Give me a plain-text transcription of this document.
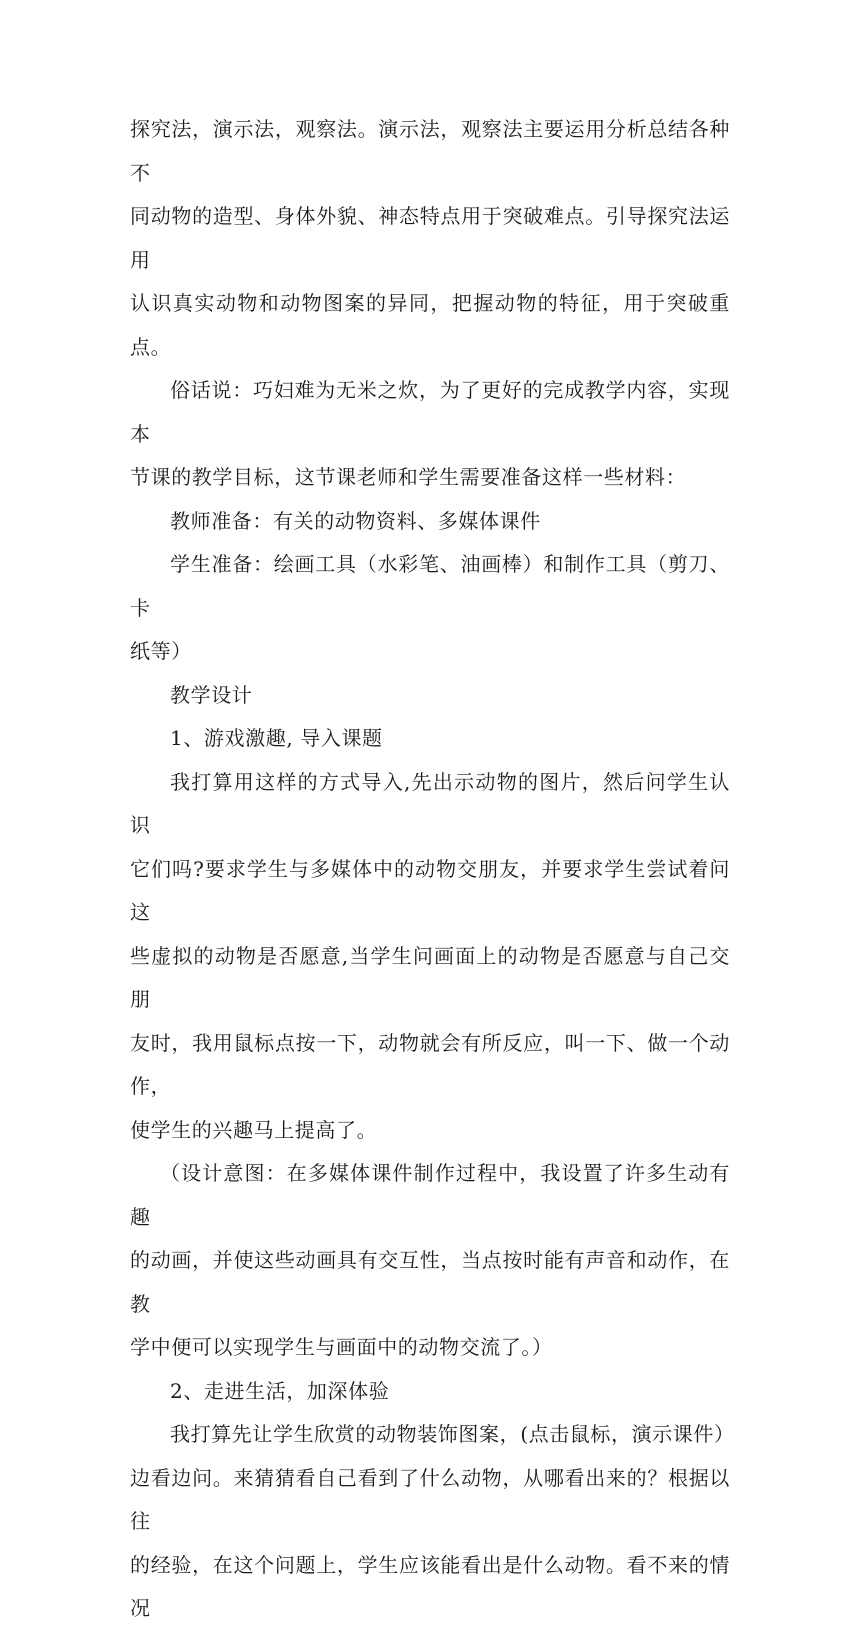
探究法，演示法，观察法。演示法，观察法主要运用分析总结各种不
同动物的造型、身体外貌、神态特点用于突破难点。引导探究法运用
认识真实动物和动物图案的异同，把握动物的特征，用于突破重点。

俗话说：巧妇难为无米之炊，为了更好的完成教学内容，实现本
节课的教学目标，这节课老师和学生需要准备这样一些材料：

教师准备：有关的动物资料、多媒体课件

学生准备：绘画工具（水彩笔、油画棒）和制作工具（剪刀、卡
纸等）

教学设计

1、游戏激趣, 导入课题

我打算用这样的方式导入,先出示动物的图片，然后问学生认识
它们吗?要求学生与多媒体中的动物交朋友，并要求学生尝试着问这
些虚拟的动物是否愿意,当学生问画面上的动物是否愿意与自己交朋
友时，我用鼠标点按一下，动物就会有所反应，叫一下、做一个动作，
使学生的兴趣马上提高了。

（设计意图：在多媒体课件制作过程中，我设置了许多生动有趣
的动画，并使这些动画具有交互性，当点按时能有声音和动作，在教
学中便可以实现学生与画面中的动物交流了。）

2、走进生活，加深体验

我打算先让学生欣赏的动物装饰图案，(点击鼠标，演示课件）
边看边问。来猜猜看自己看到了什么动物，从哪看出来的？根据以往
的经验，在这个问题上，学生应该能看出是什么动物。看不来的情况
